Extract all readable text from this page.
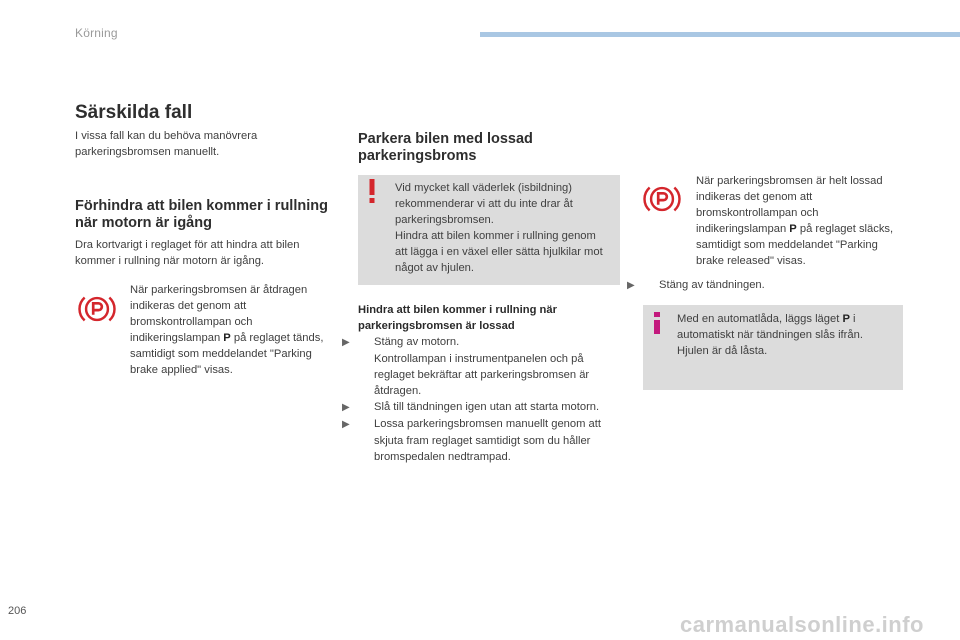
Körning
Särskilda fall
I vissa fall kan du behöva manövrera parkeringsbromsen manuellt.
Förhindra att bilen kommer i rullning när motorn är igång
Dra kortvarigt i reglaget för att hindra att bilen kommer i rullning när motorn är igång.
När parkeringsbromsen är åtdragen indikeras det genom att bromskontrollampan och indikeringslampan P på reglaget tänds, samtidigt som meddelandet "Parking brake applied" visas.
Parkera bilen med lossad parkeringsbroms
Vid mycket kall väderlek (isbildning) rekommenderar vi att du inte drar åt parkeringsbromsen.
Hindra att bilen kommer i rullning genom att lägga i en växel eller sätta hjulkilar mot något av hjulen.
Hindra att bilen kommer i rullning när parkeringsbromsen är lossad
▶ Stäng av motorn.
Kontrollampan i instrumentpanelen och på reglaget bekräftar att parkeringsbromsen är åtdragen.
▶ Slå till tändningen igen utan att starta motorn.
▶ Lossa parkeringsbromsen manuellt genom att skjuta fram reglaget samtidigt som du håller bromspedalen nedtrampad.
När parkeringsbromsen är helt lossad indikeras det genom att bromskontrollampan och indikeringslampan P på reglaget släcks, samtidigt som meddelandet "Parking brake released" visas.
▶ Stäng av tändningen.
Med en automatlåda, läggs läget P i automatiskt när tändningen slås ifrån. Hjulen är då låsta.
206
carmanualsonline.info
